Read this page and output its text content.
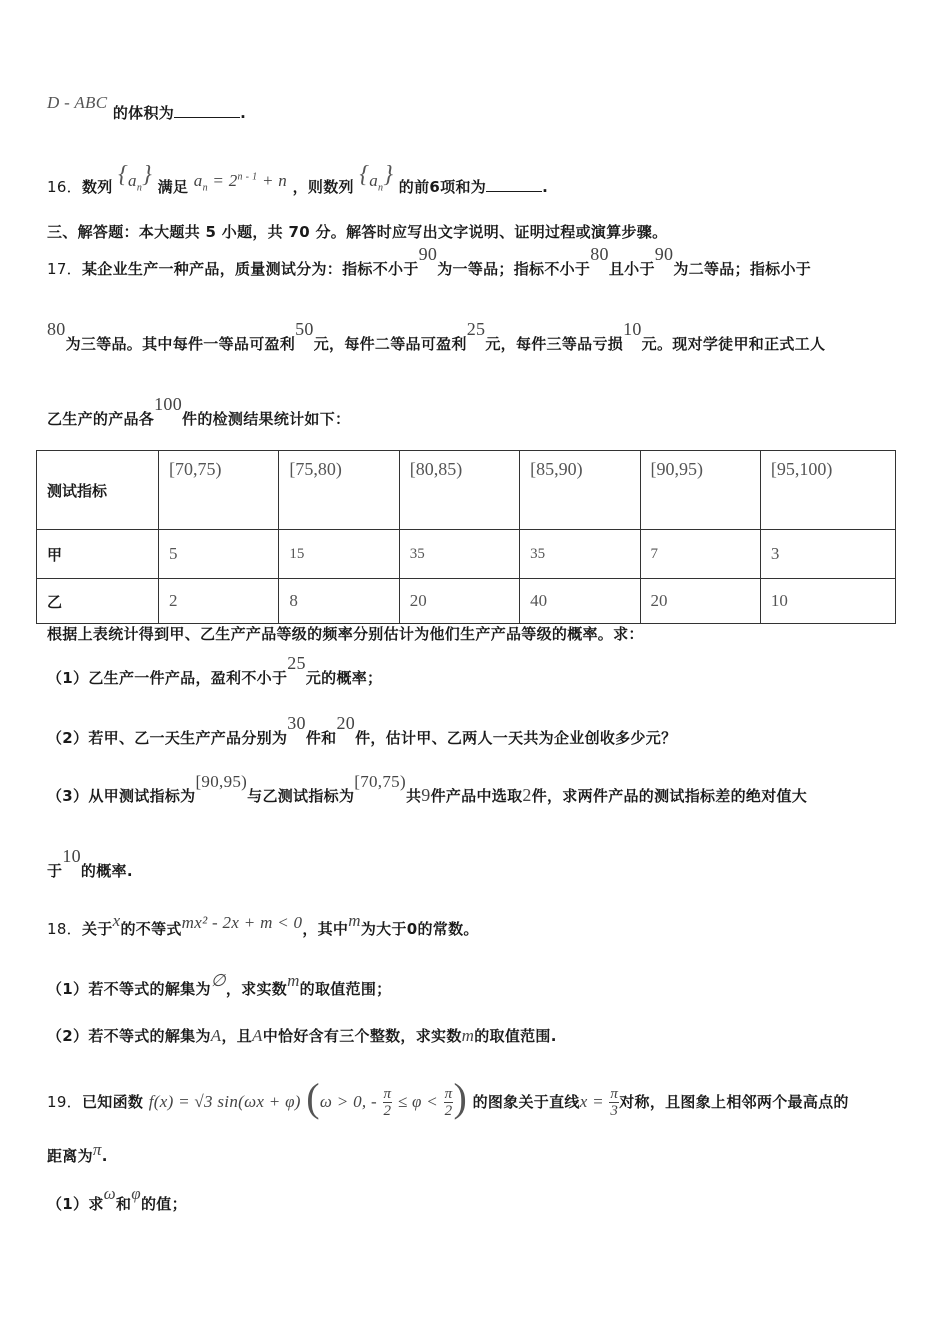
D - ABC 的体积为	.
16．数列 $\{a_n\}$ 满足 $a_n = 2^{n - 1} + n$ ，则数列 $\{a_n\}$ 的前6项和为	.
三、解答题：本大题共 5 小题，共 70 分。解答时应写出文字说明、证明过程或演算步骤。
17．某企业生产一种产品，质量测试分为：指标不小于90为一等品；指标不小于80且小于90为二等品；指标小于
80为三等品。其中每件一等品可盈利50元，每件二等品可盈利25元，每件三等品亏损10元。现对学徒甲和正式工人
乙生产的产品各100件的检测结果统计如下：
测试指标	[70,75)	[75,80)	[80,85)	[85,90)	[90,95)	[95,100)
甲	5	15	35	35	7	3
乙	2	8	20	40	20	10
根据上表统计得到甲、乙生产产品等级的频率分别估计为他们生产产品等级的概率。求：
（1）乙生产一件产品，盈利不小于25元的概率；
（2）若甲、乙一天生产产品分别为30件和20件，估计甲、乙两人一天共为企业创收多少元？
（3）从甲测试指标为[90,95)与乙测试指标为[70,75)共9件产品中选取2件，求两件产品的测试指标差的绝对值大
于10的概率.
18．关于x的不等式mx² - 2x + m < 0，其中m为大于0的常数。
（1）若不等式的解集为∅，求实数m的取值范围；
（2）若不等式的解集为A，且A中恰好含有三个整数，求实数m的取值范围.
19．已知函数 f(x) = √3 sin(ωx + φ) (ω > 0, - $\frac{\pi}{2} \le \varphi < \frac{\pi}{2}$ ) 的图象关于直线$x = \frac{\pi}{3}$ 对称，且图象上相邻两个最高点的
距离为π.
（1）求ω和φ的值；
